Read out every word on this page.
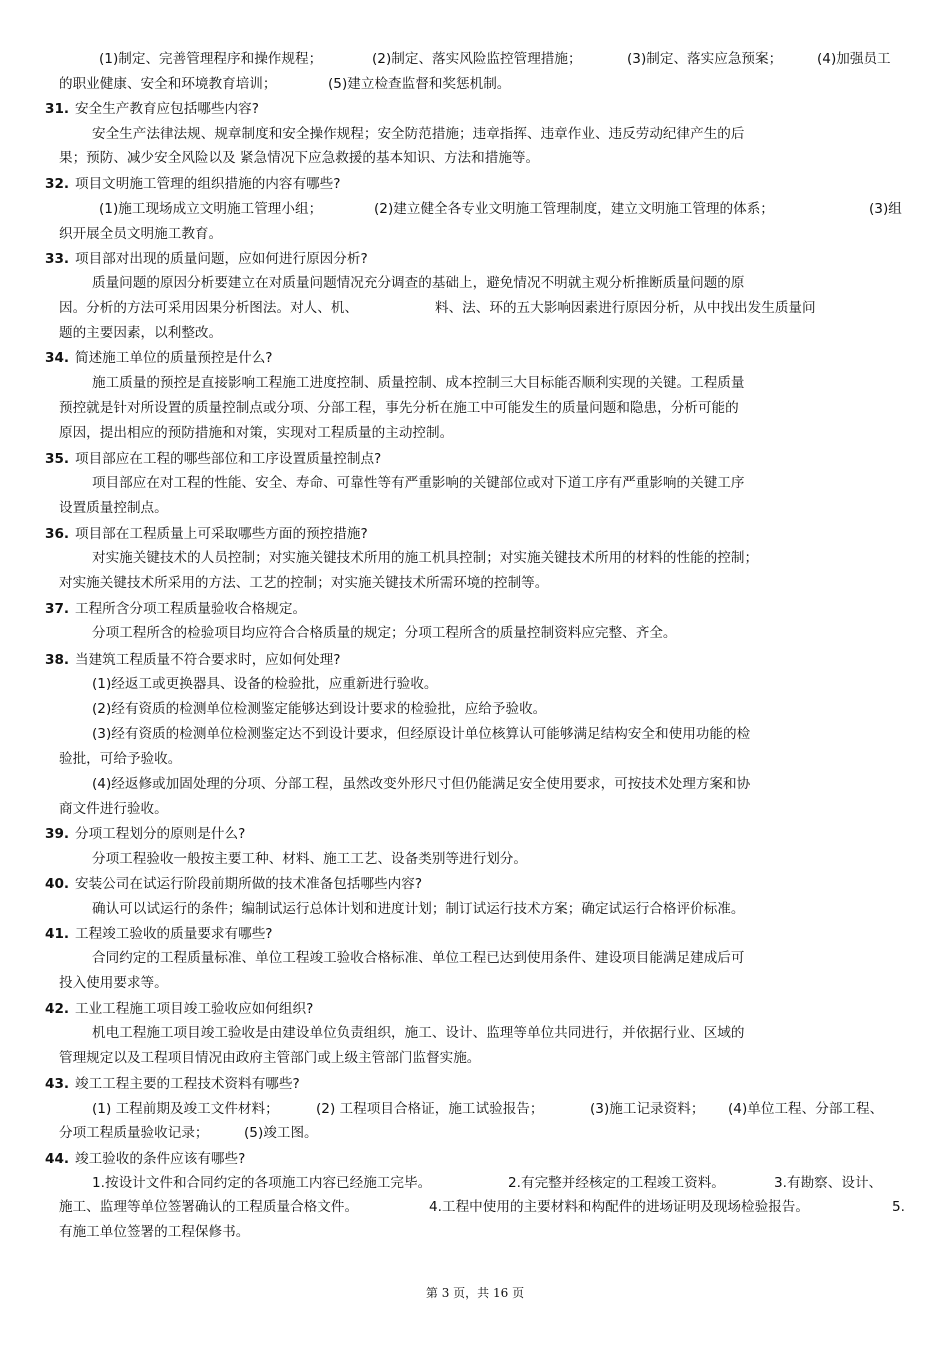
(1)制定、完善管理程序和操作规程；	(2)制定、落实风险监控管理措施；	(3)制定、落实应急预案；	(4)加强员工
的职业健康、安全和环境教育培训；	(5)建立检查监督和奖惩机制。
31. 安全生产教育应包括哪些内容?
安全生产法律法规、规章制度和安全操作规程；安全防范措施；违章指挥、违章作业、违反劳动纪律产生的后
果；预防、减少安全风险以及 紧急情况下应急救援的基本知识、方法和措施等。
32. 项目文明施工管理的组织措施的内容有哪些?
(1)施工现场成立文明施工管理小组；	(2)建立健全各专业文明施工管理制度，建立文明施工管理的体系；	(3)组
织开展全员文明施工教育。
33. 项目部对出现的质量问题，应如何进行原因分析?
质量问题的原因分析要建立在对质量问题情况充分调查的基础上，避免情况不明就主观分析推断质量问题的原
因。分析的方法可采用因果分析图法。对人、机、	料、法、环的五大影响因素进行原因分析，从中找出发生质量问
题的主要因素，以利整改。
34. 简述施工单位的质量预控是什么?
施工质量的预控是直接影响工程施工进度控制、质量控制、成本控制三大目标能否顺利实现的关键。工程质量
预控就是针对所设置的质量控制点或分项、分部工程，事先分析在施工中可能发生的质量问题和隐患，分析可能的
原因，提出相应的预防措施和对策，实现对工程质量的主动控制。
35. 项目部应在工程的哪些部位和工序设置质量控制点?
项目部应在对工程的性能、安全、寿命、可靠性等有严重影响的关键部位或对下道工序有严重影响的关键工序
设置质量控制点。
36. 项目部在工程质量上可采取哪些方面的预控措施?
对实施关键技术的人员控制；对实施关键技术所用的施工机具控制；对实施关键技术所用的材料的性能的控制；
对实施关键技术所采用的方法、工艺的控制；对实施关键技术所需环境的控制等。
37. 工程所含分项工程质量验收合格规定。
分项工程所含的检验项目均应符合合格质量的规定；分项工程所含的质量控制资料应完整、齐全。
38. 当建筑工程质量不符合要求时，应如何处理?
(1)经返工或更换器具、设备的检验批，应重新进行验收。
(2)经有资质的检测单位检测鉴定能够达到设计要求的检验批，应给予验收。
(3)经有资质的检测单位检测鉴定达不到设计要求，但经原设计单位核算认可能够满足结构安全和使用功能的检
验批，可给予验收。
(4)经返修或加固处理的分项、分部工程，虽然改变外形尺寸但仍能满足安全使用要求，可按技术处理方案和协
商文件进行验收。
39. 分项工程划分的原则是什么?
分项工程验收一般按主要工种、材料、施工工艺、设备类别等进行划分。
40. 安装公司在试运行阶段前期所做的技术准备包括哪些内容?
确认可以试运行的条件；编制试运行总体计划和进度计划；制订试运行技术方案；确定试运行合格评价标准。
41. 工程竣工验收的质量要求有哪些?
合同约定的工程质量标准、单位工程竣工验收合格标准、单位工程已达到使用条件、建设项目能满足建成后可
投入使用要求等。
42. 工业工程施工项目竣工验收应如何组织?
机电工程施工项目竣工验收是由建设单位负责组织，施工、设计、监理等单位共同进行，并依据行业、区域的
管理规定以及工程项目情况由政府主管部门或上级主管部门监督实施。
43. 竣工工程主要的工程技术资料有哪些?
(1) 工程前期及竣工文件材料；	(2) 工程项目合格证，施工试验报告；	(3)施工记录资料； (4)单位工程、分部工程、
分项工程质量验收记录；	(5)竣工图。
44. 竣工验收的条件应该有哪些?
1.按设计文件和合同约定的各项施工内容已经施工完毕。	2.有完整并经核定的工程竣工资料。	3.有勘察、设计、
施工、监理等单位签署确认的工程质量合格文件。	4.工程中使用的主要材料和构配件的进场证明及现场检验报告。	5.
有施工单位签署的工程保修书。
第 3 页，共 16 页
